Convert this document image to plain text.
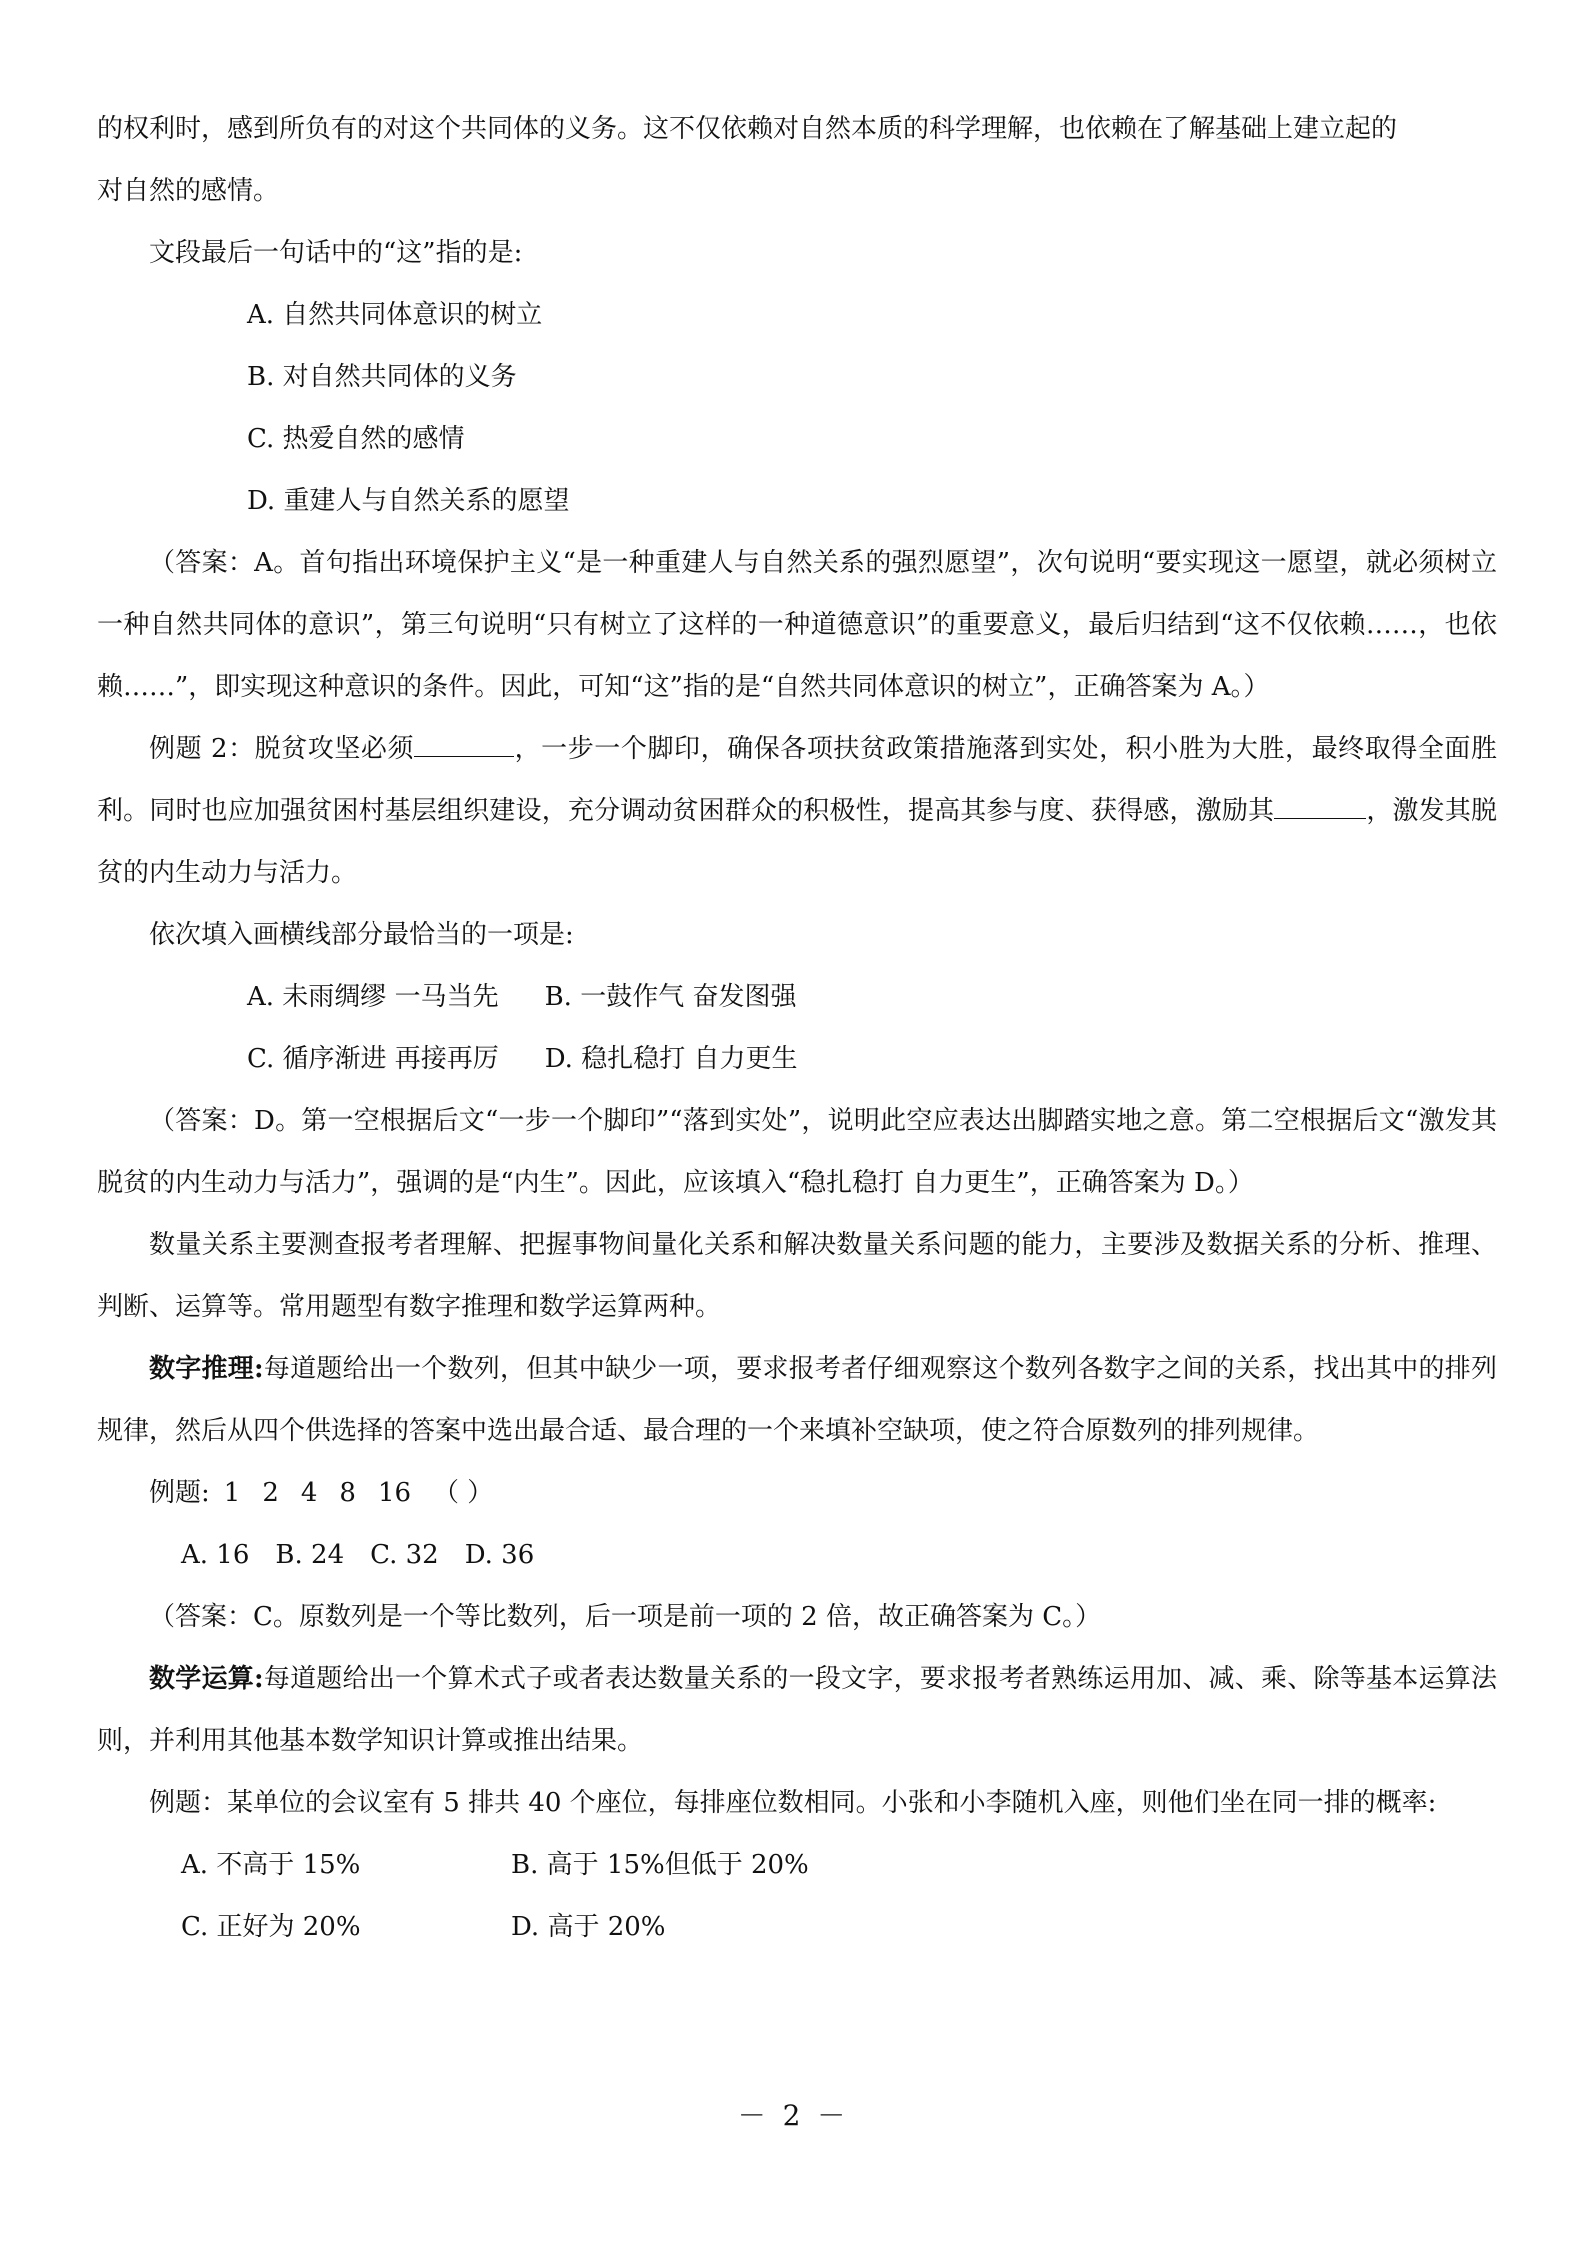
的权利时，感到所负有的对这个共同体的义务。这不仅依赖对自然本质的科学理解，也依赖在了解基础上建立起的

对自然的感情。

文段最后一句话中的“这”指的是:

A. 自然共同体意识的树立

B. 对自然共同体的义务

C. 热爱自然的感情

D. 重建人与自然关系的愿望

（答案：A。首句指出环境保护主义“是一种重建人与自然关系的强烈愿望”，次句说明“要实现这一愿望，就必须树立一种自然共同体的意识”，第三句说明“只有树立了这样的一种道德意识”的重要意义，最后归结到“这不仅依赖……，也依赖……”，即实现这种意识的条件。因此，可知“这”指的是“自然共同体意识的树立”，正确答案为 A。）

例题 2：脱贫攻坚必须	，一步一个脚印，确保各项扶贫政策措施落到实处，积小胜为大胜，最终取得全面胜利。同时也应加强贫困村基层组织建设，充分调动贫困群众的积极性，提高其参与度、获得感，激励其	，激发其脱贫的内生动力与活力。

依次填入画横线部分最恰当的一项是:

A. 未雨绸缪 一马当先 B. 一鼓作气 奋发图强

C. 循序渐进 再接再厉 D. 稳扎稳打 自力更生

（答案：D。第一空根据后文“一步一个脚印”“落到实处”，说明此空应表达出脚踏实地之意。第二空根据后文“激发其脱贫的内生动力与活力”，强调的是“内生”。因此，应该填入“稳扎稳打 自力更生”，正确答案为 D。）

数量关系主要测查报考者理解、把握事物间量化关系和解决数量关系问题的能力，主要涉及数据关系的分析、推理、判断、运算等。常用题型有数字推理和数学运算两种。

数字推理:每道题给出一个数列，但其中缺少一项，要求报考者仔细观察这个数列各数字之间的关系，找出其中的排列规律，然后从四个供选择的答案中选出最合适、最合理的一个来填补空缺项，使之符合原数列的排列规律。

例题: 1 2 4 8 16 （ ）

A. 16 B. 24 C. 32 D. 36

（答案：C。原数列是一个等比数列，后一项是前一项的 2 倍，故正确答案为 C。）

数学运算:每道题给出一个算术式子或者表达数量关系的一段文字，要求报考者熟练运用加、减、乘、除等基本运算法则，并利用其他基本数学知识计算或推出结果。

例题：某单位的会议室有 5 排共 40 个座位，每排座位数相同。小张和小李随机入座，则他们坐在同一排的概率:

A. 不高于 15%	B. 高于 15%但低于 20%

C. 正好为 20%	D. 高于 20%

－ 2 －
